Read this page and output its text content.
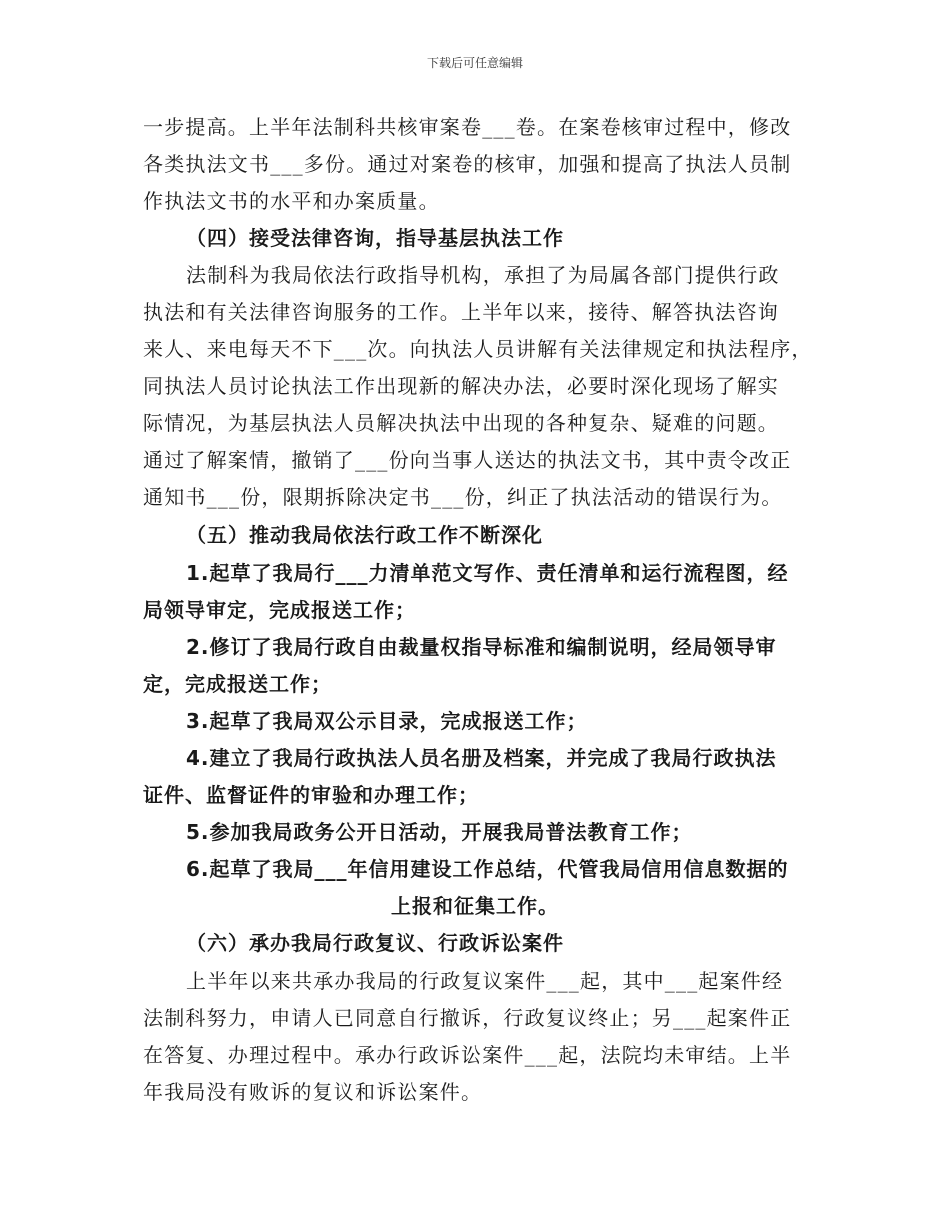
下载后可任意编辑
一步提高。上半年法制科共核审案卷___卷。在案卷核审过程中，修改
各类执法文书___多份。通过对案卷的核审，加强和提高了执法人员制
作执法文书的水平和办案质量。
（四）接受法律咨询，指导基层执法工作
法制科为我局依法行政指导机构，承担了为局属各部门提供行政
执法和有关法律咨询服务的工作。上半年以来，接待、解答执法咨询
来人、来电每天不下___次。向执法人员讲解有关法律规定和执法程序，
同执法人员讨论执法工作出现新的解决办法，必要时深化现场了解实
际情况，为基层执法人员解决执法中出现的各种复杂、疑难的问题。
通过了解案情，撤销了___份向当事人送达的执法文书，其中责令改正
通知书___份，限期拆除决定书___份，纠正了执法活动的错误行为。
（五）推动我局依法行政工作不断深化
1.起草了我局行___力清单范文写作、责任清单和运行流程图，经
局领导审定，完成报送工作；
2.修订了我局行政自由裁量权指导标准和编制说明，经局领导审
定，完成报送工作；
3.起草了我局双公示目录，完成报送工作；
4.建立了我局行政执法人员名册及档案，并完成了我局行政执法
证件、监督证件的审验和办理工作；
5.参加我局政务公开日活动，开展我局普法教育工作；
6.起草了我局___年信用建设工作总结，代管我局信用信息数据的
上报和征集工作。
（六）承办我局行政复议、行政诉讼案件
上半年以来共承办我局的行政复议案件___起，其中___起案件经
法制科努力，申请人已同意自行撤诉，行政复议终止；另___起案件正
在答复、办理过程中。承办行政诉讼案件___起，法院均未审结。上半
年我局没有败诉的复议和诉讼案件。
